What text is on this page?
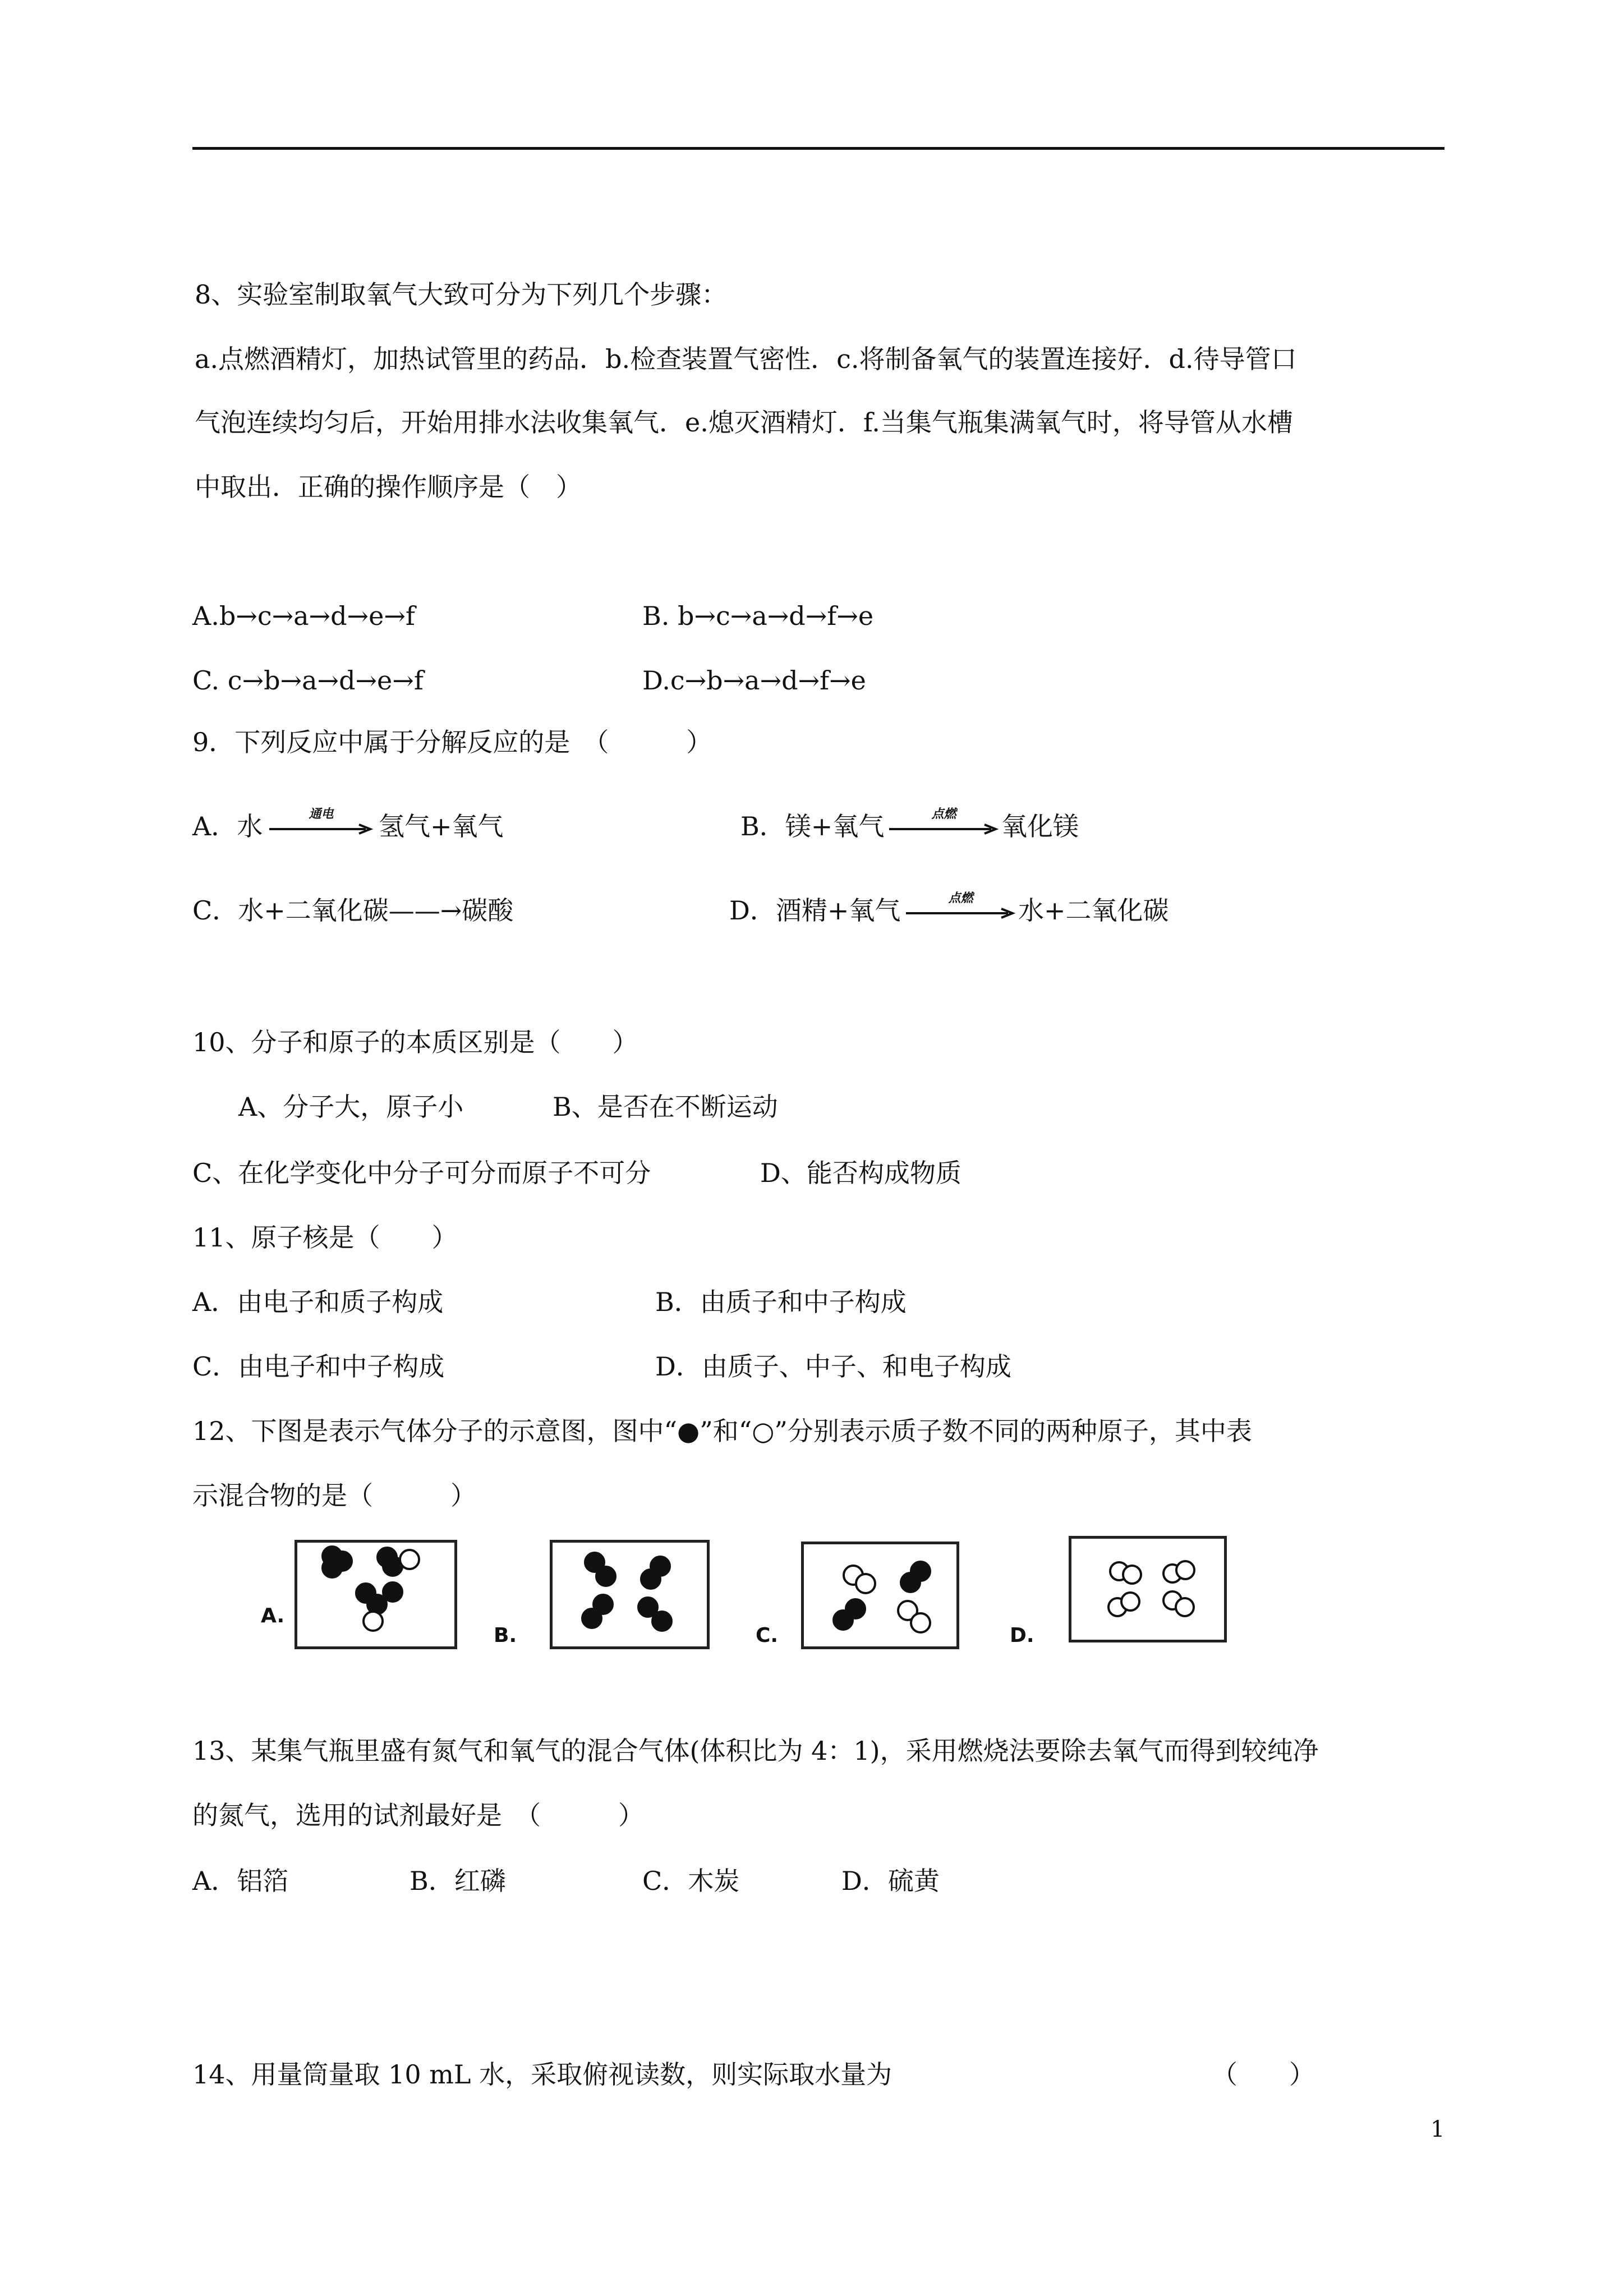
8、实验室制取氧气大致可分为下列几个步骤：
a.点燃酒精灯，加热试管里的药品．b.检查装置气密性．c.将制备氧气的装置连接好．d.待导管口
气泡连续均匀后，开始用排水法收集氧气．e.熄灭酒精灯．f.当集气瓶集满氧气时，将导管从水槽
中取出．正确的操作顺序是（　）
A.b→c→a→d→e→f	B. b→c→a→d→f→e
C. c→b→a→d→e→f	D.c→b→a→d→f→e
9．下列反应中属于分解反应的是　（　　　）
A．水	通电	氢气+氧气	B．镁+氧气	点燃	氧化镁
C．水+二氧化碳——→碳酸	D．酒精+氧气	点燃	水+二氧化碳
10、分子和原子的本质区别是（　　）
A、分子大，原子小	B、是否在不断运动
C、在化学变化中分子可分而原子不可分	D、能否构成物质
11、原子核是（　　）
A．由电子和质子构成	B．由质子和中子构成
C．由电子和中子构成	D．由质子、中子、和电子构成
12、下图是表示气体分子的示意图，图中“●”和“○”分别表示质子数不同的两种原子，其中表
示混合物的是（　　　）
A.
B.	C.	D.
13、某集气瓶里盛有氮气和氧气的混合气体(体积比为 4：1)，采用燃烧法要除去氧气而得到较纯净
的氮气，选用的试剂最好是　（　　　）
A．铝箔	B．红磷	C．木炭	D．硫黄
14、用量筒量取 10 mL 水，采取俯视读数，则实际取水量为	（　　）
1
